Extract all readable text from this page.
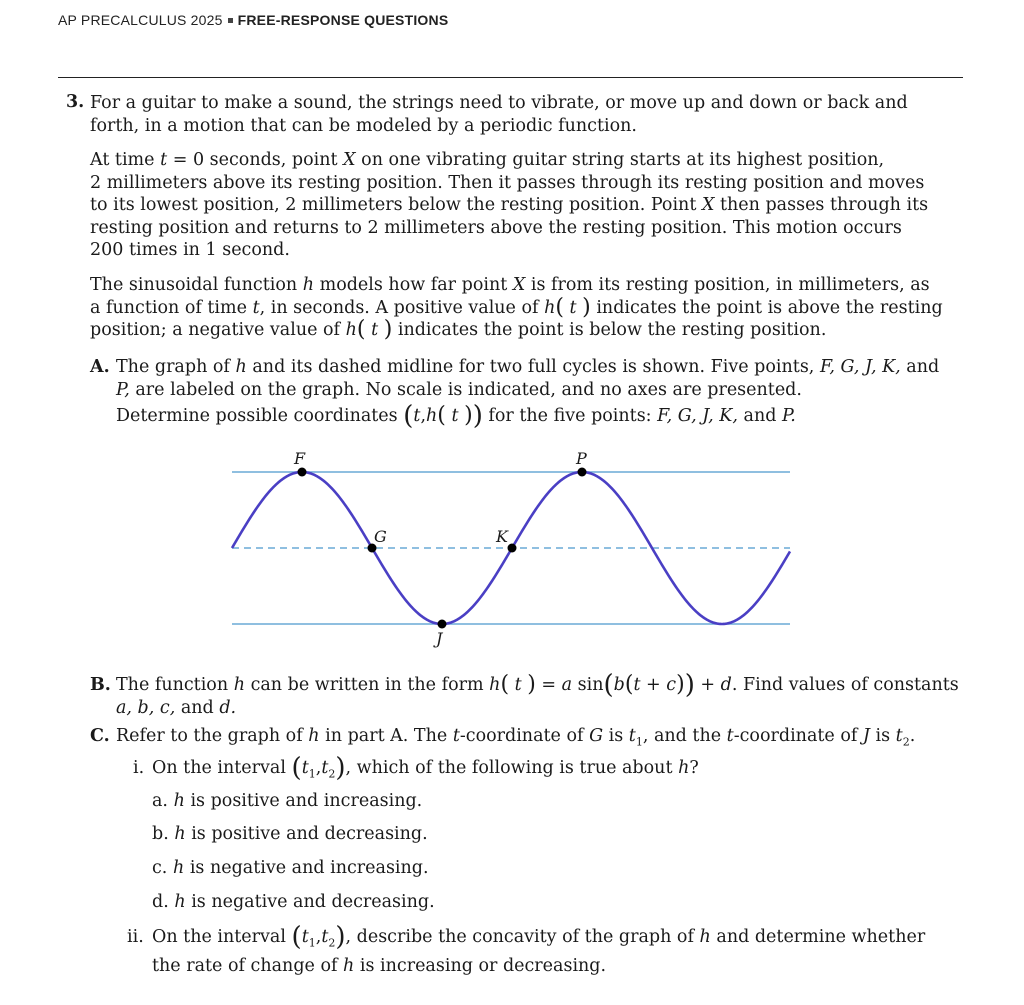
AP PRECALCULUS 2025 FREE-RESPONSE QUESTIONS
3. For a guitar to make a sound, the strings need to vibrate, or move up and down or back and
forth, in a motion that can be modeled by a periodic function.
At time t = 0 seconds, point X on one vibrating guitar string starts at its highest position,
2 millimeters above its resting position. Then it passes through its resting position and moves
to its lowest position, 2 millimeters below the resting position. Point X then passes through its
resting position and returns to 2 millimeters above the resting position. This motion occurs
200 times in 1 second.
The sinusoidal function h models how far point X is from its resting position, in millimeters, as
a function of time t, in seconds. A positive value of h( t ) indicates the point is above the resting
position; a negative value of h( t ) indicates the point is below the resting position.
A. The graph of h and its dashed midline for two full cycles is shown. Five points, F, G, J, K, and
P, are labeled on the graph. No scale is indicated, and no axes are presented.
Determine possible coordinates (t,h( t )) for the five points: F, G, J, K, and P.
F
G
J
K
P
B. The function h can be written in the form h( t ) = a sin(b(t + c)) + d. Find values of constants
a, b, c, and d.
C. Refer to the graph of h in part A. The t-coordinate of G is $t_1$, and the t-coordinate of J is $t_2$.
i. On the interval $(t_1,t_2)$, which of the following is true about h?
a. h is positive and increasing.
b. h is positive and decreasing.
c. h is negative and increasing.
d. h is negative and decreasing.
ii. On the interval $(t_1,t_2)$, describe the concavity of the graph of h and determine whether
the rate of change of h is increasing or decreasing.
